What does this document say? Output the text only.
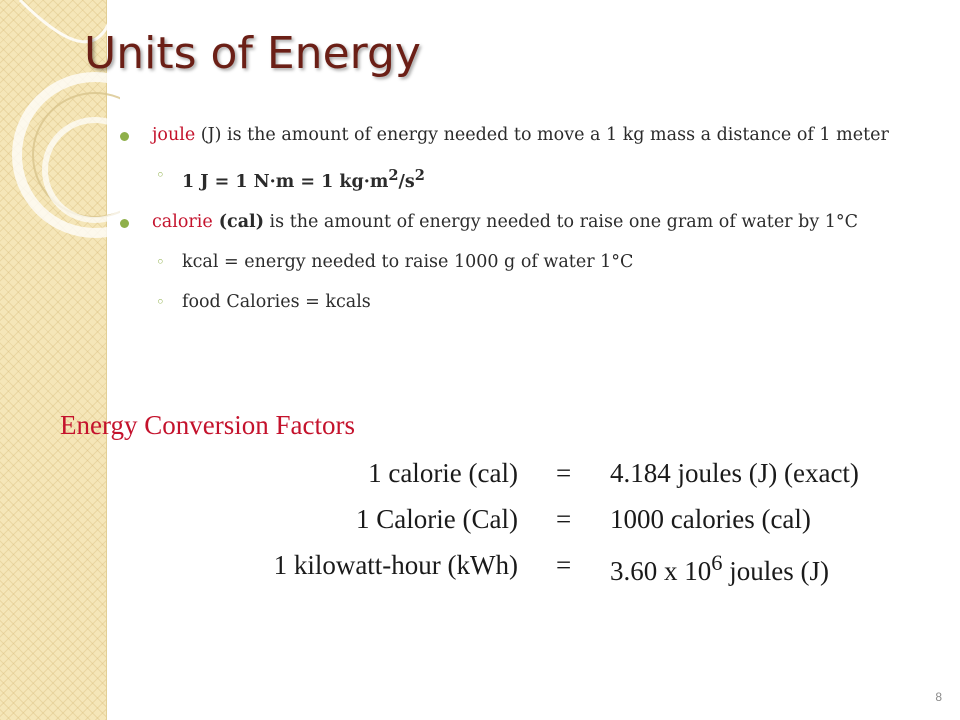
Units of Energy
joule (J) is the amount of energy needed to move a 1 kg mass a distance of 1 meter
◦ 1 J = 1 N·m = 1 $kg\cdot m^2/s^2$
calorie (cal) is the amount of energy needed to raise one gram of water by 1°C
◦ kcal = energy needed to raise 1000 g of water 1°C
◦ food Calories = kcals
Energy Conversion Factors
1 calorie (cal) = 4.184 joules (J) (exact)
1 Calorie (Cal) = 1000 calories (cal)
1 kilowatt-hour (kWh) = 3.60 x $10^6$ joules (J)
8
